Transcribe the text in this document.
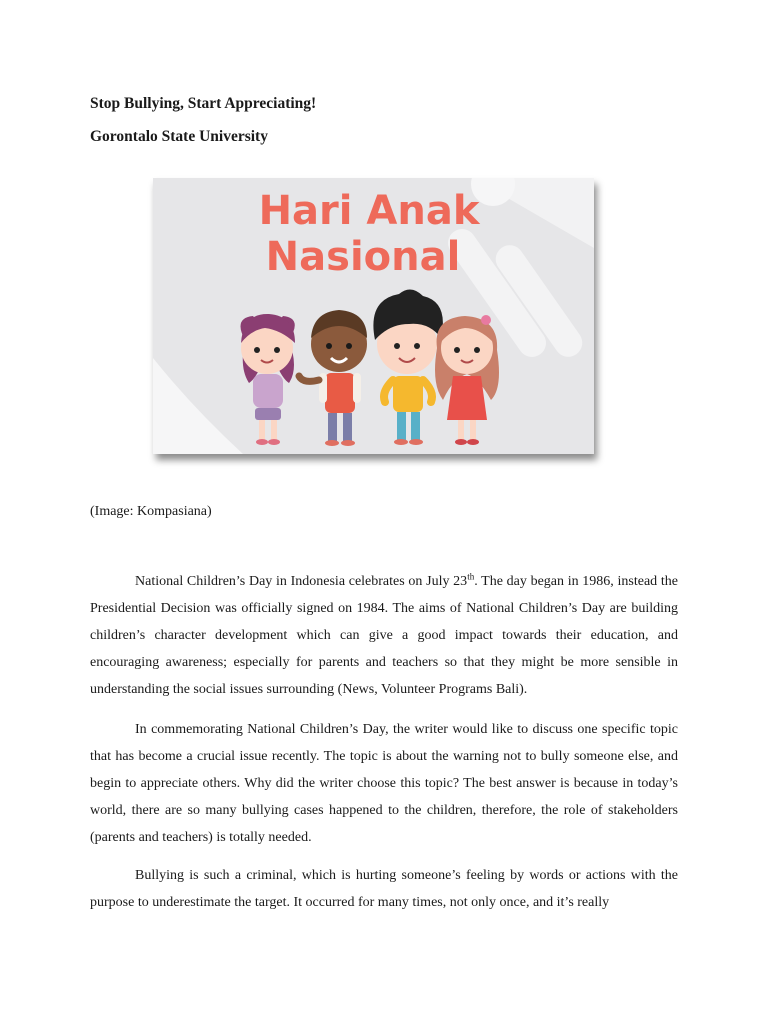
Stop Bullying, Start Appreciating!
Gorontalo State University
Hari Anak
Nasional
(Image: Kompasiana)

National Children’s Day in Indonesia celebrates on July 23th. The day began in 1986, instead the Presidential Decision was officially signed on 1984. The aims of National Children’s Day are building children’s character development which can give a good impact towards their education, and encouraging awareness; especially for parents and teachers so that they might be more sensible in understanding the social issues surrounding (News, Volunteer Programs Bali).

In commemorating National Children’s Day, the writer would like to discuss one specific topic that has become a crucial issue recently. The topic is about the warning not to bully someone else, and begin to appreciate others. Why did the writer choose this topic? The best answer is because in today’s world, there are so many bullying cases happened to the children, therefore, the role of stakeholders (parents and teachers) is totally needed.

Bullying is such a criminal, which is hurting someone’s feeling by words or actions with the purpose to underestimate the target. It occurred for many times, not only once, and it’s really
